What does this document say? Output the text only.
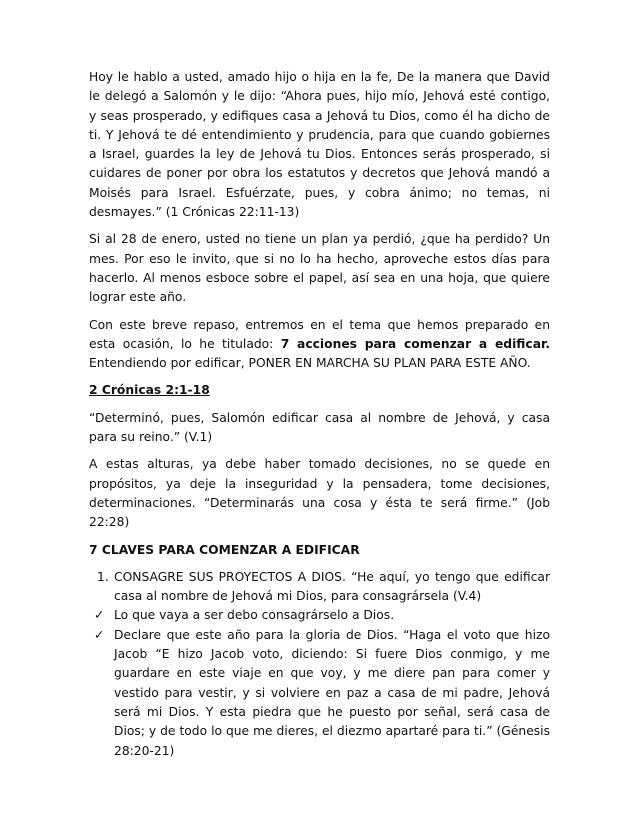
Hoy le hablo a usted, amado hijo o hija en la fe, De la manera que David le delegó a Salomón y le dijo: “Ahora pues, hijo mío, Jehová esté contigo, y seas prosperado, y edifiques casa a Jehová tu Dios, como él ha dicho de ti. Y Jehová te dé entendimiento y prudencia, para que cuando gobiernes a Israel, guardes la ley de Jehová tu Dios. Entonces serás prosperado, si cuidares de poner por obra los estatutos y decretos que Jehová mandó a Moisés para Israel. Esfuérzate, pues, y cobra ánimo; no temas, ni desmayes.” (1 Crónicas 22:11-13)

Si al 28 de enero, usted no tiene un plan ya perdió, ¿que ha perdido? Un mes. Por eso le invito, que si no lo ha hecho, aproveche estos días para hacerlo. Al menos esboce sobre el papel, así sea en una hoja, que quiere lograr este año.

Con este breve repaso, entremos en el tema que hemos preparado en esta ocasión, lo he titulado: 7 acciones para comenzar a edificar. Entendiendo por edificar, PONER EN MARCHA SU PLAN PARA ESTE AÑO.

2 Crónicas 2:1-18

“Determinó, pues, Salomón edificar casa al nombre de Jehová, y casa para su reino.” (V.1)

A estas alturas, ya debe haber tomado decisiones, no se quede en propósitos, ya deje la inseguridad y la pensadera, tome decisiones, determinaciones. “Determinarás una cosa y ésta te será firme.” (Job 22:28)

7 CLAVES PARA COMENZAR A EDIFICAR
1. CONSAGRE SUS PROYECTOS A DIOS. “He aquí, yo tengo que edificar casa al nombre de Jehová mi Dios, para consagrársela (V.4)
✓ Lo que vaya a ser debo consagrárselo a Dios.
✓ Declare que este año para la gloria de Dios. “Haga el voto que hizo Jacob “E hizo Jacob voto, diciendo: Si fuere Dios conmigo, y me guardare en este viaje en que voy, y me diere pan para comer y vestido para vestir, y si volviere en paz a casa de mi padre, Jehová será mi Dios. Y esta piedra que he puesto por señal, será casa de Dios; y de todo lo que me dieres, el diezmo apartaré para ti.” (Génesis 28:20-21)
